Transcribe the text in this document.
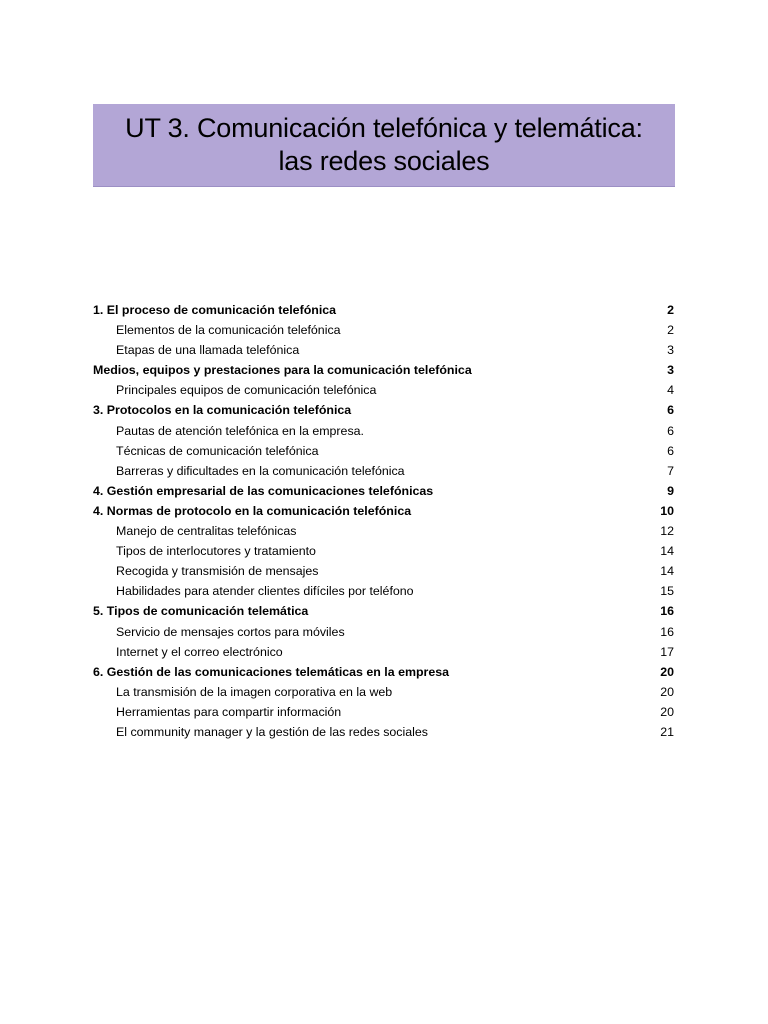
UT 3. Comunicación telefónica y telemática:
las redes sociales
1. El proceso de comunicación telefónica	2
Elementos de la comunicación telefónica	2
Etapas de una llamada telefónica	3
Medios, equipos y prestaciones para la comunicación telefónica	3
Principales equipos de comunicación telefónica	4
3. Protocolos en la comunicación telefónica	6
Pautas de atención telefónica en la empresa.	6
Técnicas de comunicación telefónica	6
Barreras y dificultades en la comunicación telefónica	7
4. Gestión empresarial de las comunicaciones telefónicas	9
4. Normas de protocolo en la comunicación telefónica	10
Manejo de centralitas telefónicas	12
Tipos de interlocutores y tratamiento	14
Recogida y transmisión de mensajes	14
Habilidades para atender clientes difíciles por teléfono	15
5. Tipos de comunicación telemática	16
Servicio de mensajes cortos para móviles	16
Internet y el correo electrónico	17
6. Gestión de las comunicaciones telemáticas en la empresa	20
La transmisión de la imagen corporativa en la web	20
Herramientas para compartir información	20
El community manager y la gestión de las redes sociales	21
